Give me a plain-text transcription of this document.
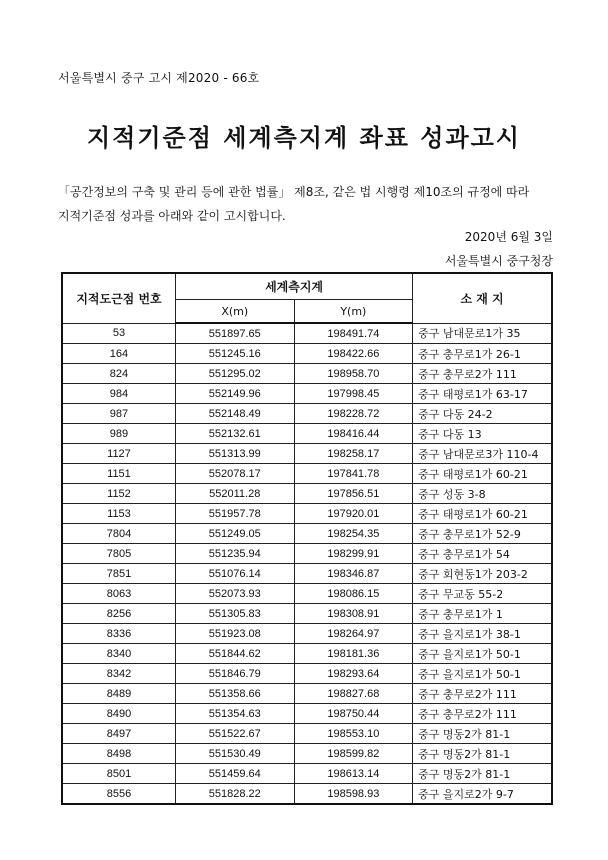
서울특별시 중구 고시 제2020 - 66호
지적기준점 세계측지계 좌표 성과고시
「공간정보의 구축 및 관리 등에 관한 법률」 제8조, 같은 법 시행령 제10조의 규정에 따라
지적기준점 성과를 아래와 같이 고시합니다.
2020년 6월 3일
서울특별시 중구청장
지적도근점 번호	세계측지계		소 재 지
	X(m)	Y(m)	
53	551897.65	198491.74	중구 남대문로1가 35
164	551245.16	198422.66	중구 충무로1가 26-1
824	551295.02	198958.70	중구 충무로2가 111
984	552149.96	197998.45	중구 태평로1가 63-17
987	552148.49	198228.72	중구 다동 24-2
989	552132.61	198416.44	중구 다동 13
1127	551313.99	198258.17	중구 남대문로3가 110-4
1151	552078.17	197841.78	중구 태평로1가 60-21
1152	552011.28	197856.51	중구 성동 3-8
1153	551957.78	197920.01	중구 태평로1가 60-21
7804	551249.05	198254.35	중구 충무로1가 52-9
7805	551235.94	198299.91	중구 충무로1가 54
7851	551076.14	198346.87	중구 회현동1가 203-2
8063	552073.93	198086.15	중구 무교동 55-2
8256	551305.83	198308.91	중구 충무로1가 1
8336	551923.08	198264.97	중구 을지로1가 38-1
8340	551844.62	198181.36	중구 을지로1가 50-1
8342	551846.79	198293.64	중구 을지로1가 50-1
8489	551358.66	198827.68	중구 충무로2가 111
8490	551354.63	198750.44	중구 충무로2가 111
8497	551522.67	198553.10	중구 명동2가 81-1
8498	551530.49	198599.82	중구 명동2가 81-1
8501	551459.64	198613.14	중구 명동2가 81-1
8556	551828.22	198598.93	중구 을지로2가 9-7
